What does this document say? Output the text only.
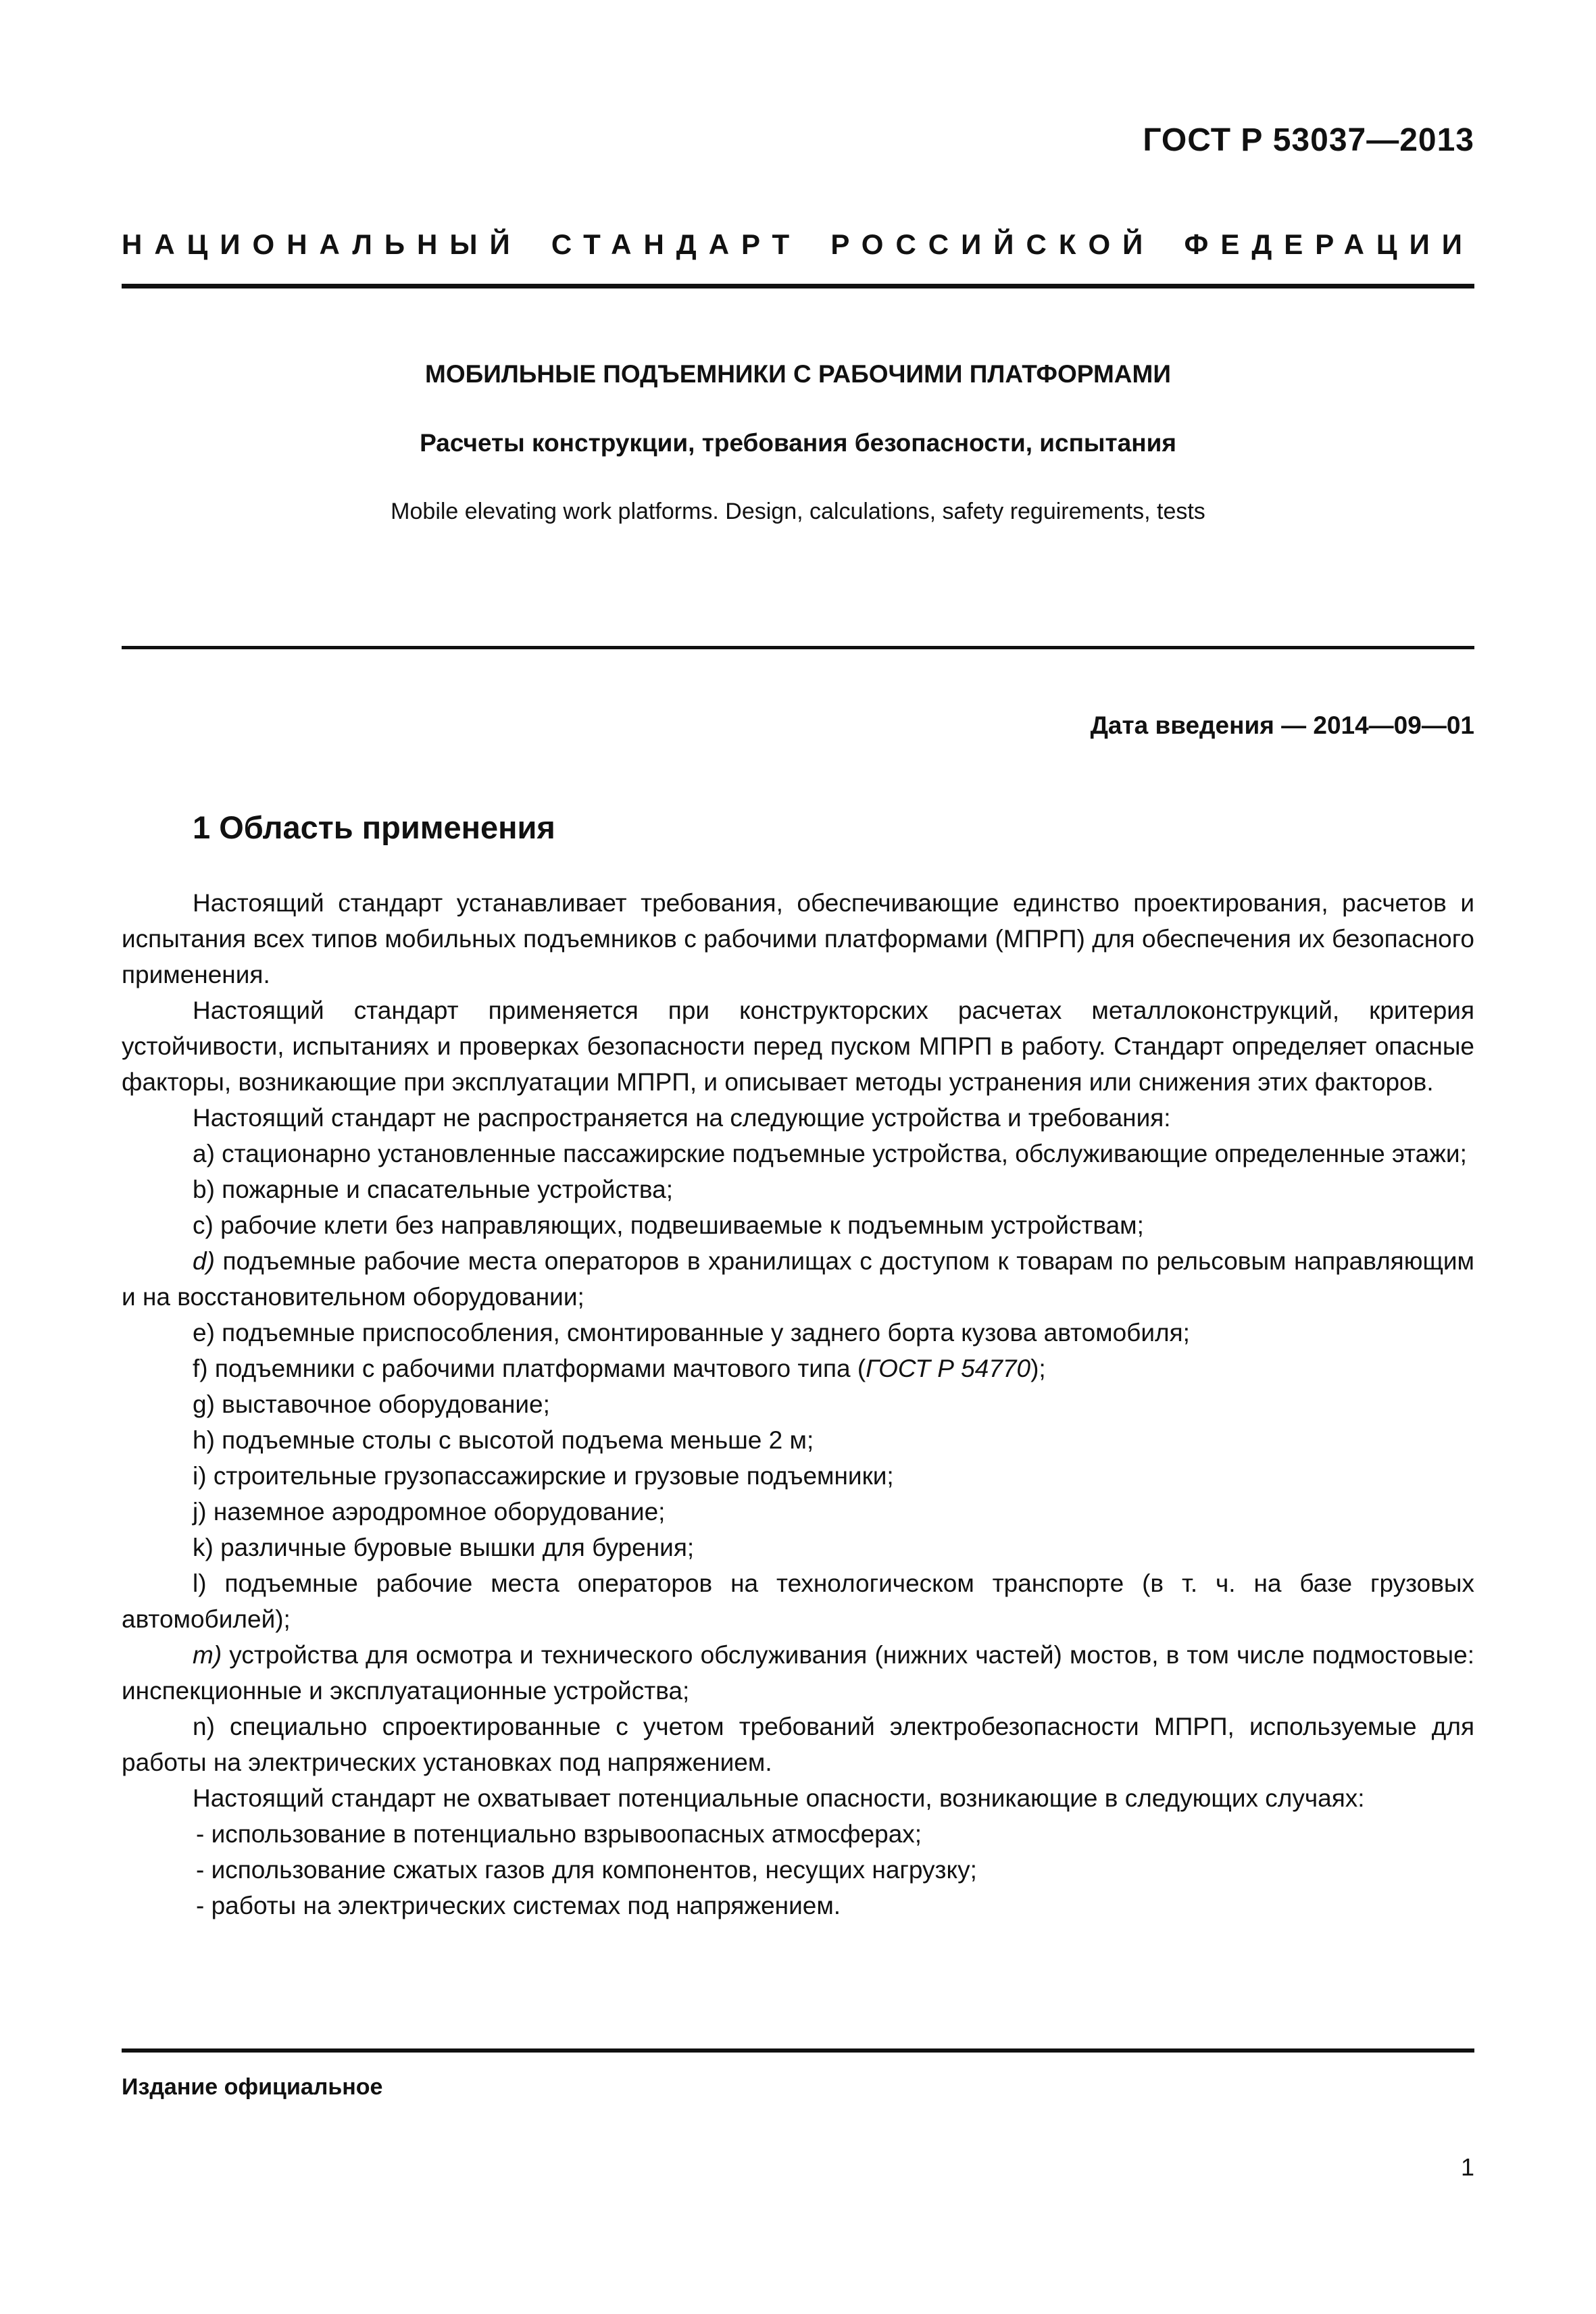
ГОСТ Р 53037—2013
НАЦИОНАЛЬНЫЙ СТАНДАРТ РОССИЙСКОЙ ФЕДЕРАЦИИ
МОБИЛЬНЫЕ ПОДЪЕМНИКИ С РАБОЧИМИ ПЛАТФОРМАМИ
Расчеты конструкции, требования безопасности, испытания
Mobile elevating work platforms. Design, calculations, safety reguirements, tests
Дата введения — 2014—09—01
1 Область применения

Настоящий стандарт устанавливает требования, обеспечивающие единство проектирования, расчетов и испытания всех типов мобильных подъемников с рабочими платформами (МПРП) для обеспечения их безопасного применения.

Настоящий стандарт применяется при конструкторских расчетах металлоконструкций, критерия устойчивости, испытаниях и проверках безопасности перед пуском МПРП в работу. Стандарт определяет опасные факторы, возникающие при эксплуатации МПРП, и описывает методы устранения или снижения этих факторов.

Настоящий стандарт не распространяется на следующие устройства и требования:

а) стационарно установленные пассажирские подъемные устройства, обслуживающие определенные этажи;

b) пожарные и спасательные устройства;

c) рабочие клети без направляющих, подвешиваемые к подъемным устройствам;

d) подъемные рабочие места операторов в хранилищах с доступом к товарам по рельсовым направляющим и на восстановительном оборудовании;

e) подъемные приспособления, смонтированные у заднего борта кузова автомобиля;

f) подъемники с рабочими платформами мачтового типа (ГОСТ Р 54770);

g) выставочное оборудование;

h) подъемные столы с высотой подъема меньше 2 м;

i) строительные грузопассажирские и грузовые подъемники;

j) наземное аэродромное оборудование;

k) различные буровые вышки для бурения;

l) подъемные рабочие места операторов на технологическом транспорте (в т. ч. на базе грузовых автомобилей);

m) устройства для осмотра и технического обслуживания (нижних частей) мостов, в том числе подмостовые: инспекционные и эксплуатационные устройства;

n) специально спроектированные с учетом требований электробезопасности МПРП, используемые для работы на электрических установках под напряжением.

Настоящий стандарт не охватывает потенциальные опасности, возникающие в следующих случаях:

- использование в потенциально взрывоопасных атмосферах;

- использование сжатых газов для компонентов, несущих нагрузку;

- работы на электрических системах под напряжением.

Издание официальное
1
